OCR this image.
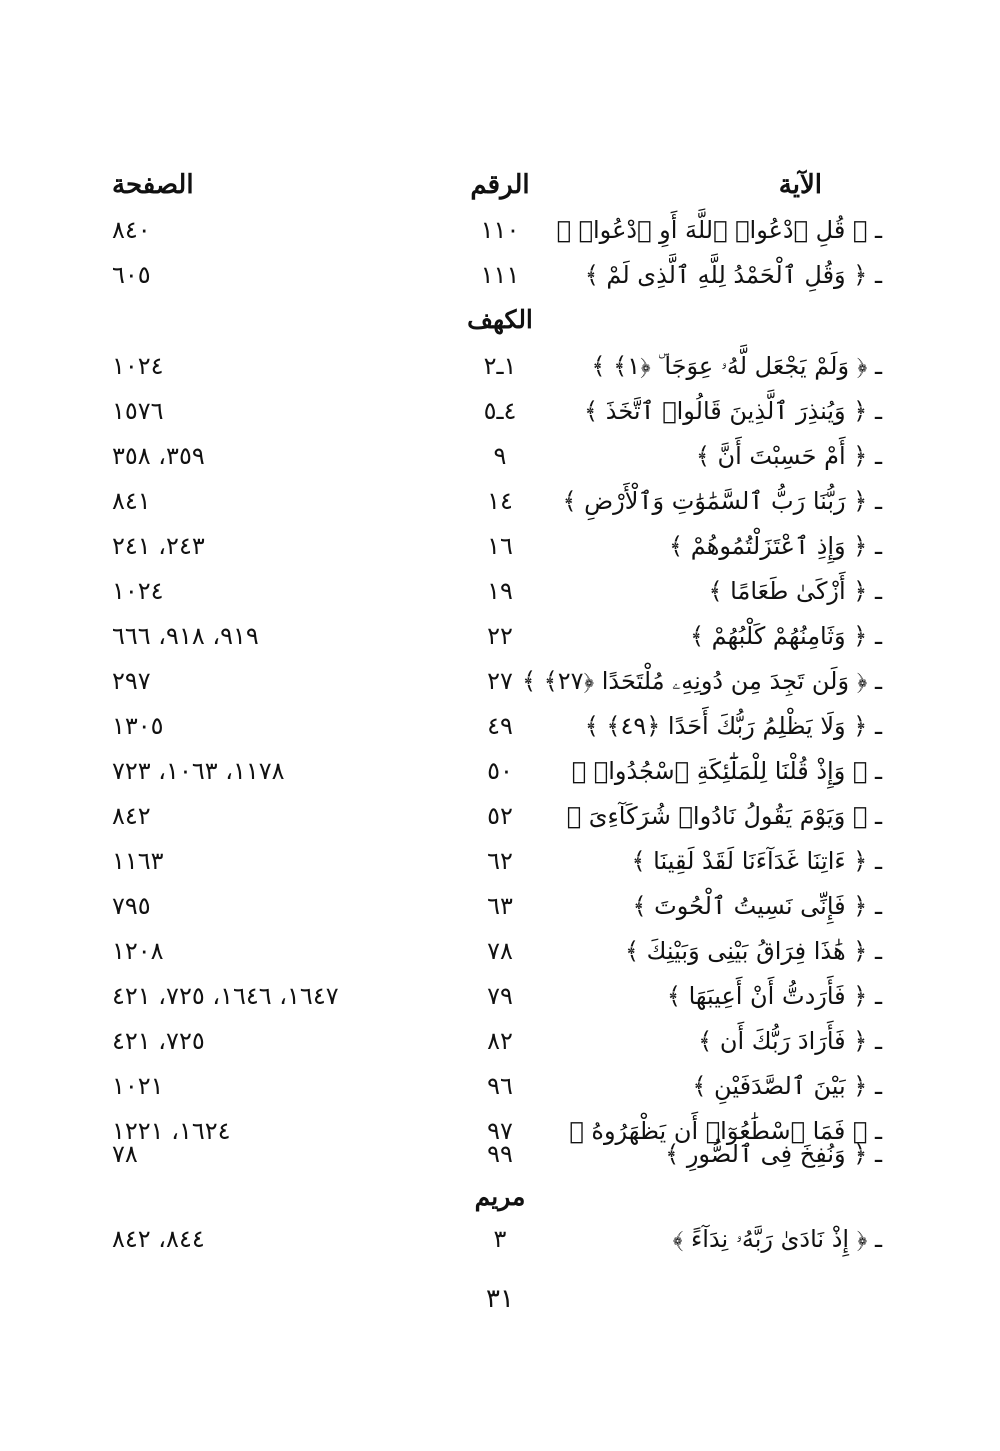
الآية
الرقم
الصفحة
ـ ﴿ قُلِ ٱدْعُوا۟ ٱللَّهَ أَوِ ٱدْعُوا۟ ﴾
١١٠
٨٤٠
ـ ﴿ وَقُلِ ٱلْحَمْدُ لِلَّهِ ٱلَّذِى لَمْ ﴾
١١١
٦٠٥
الكهف
ـ ﴿ وَلَمْ يَجْعَل لَّهُۥ عِوَجَا ۜ ﴿١﴾ ﴾
١ـ٢
١٠٢٤
ـ ﴿ وَيُنذِرَ ٱلَّذِينَ قَالُوا۟ ٱتَّخَذَ ﴾
٤ـ٥
١٥٧٦
ـ ﴿ أَمْ حَسِبْتَ أَنَّ ﴾
٩
٣٥٩، ٣٥٨
ـ ﴿ رَبُّنَا رَبُّ ٱلسَّمَٰوَٰتِ وَٱلْأَرْضِ ﴾
١٤
٨٤١
ـ ﴿ وَإِذِ ٱعْتَزَلْتُمُوهُمْ ﴾
١٦
٢٤٣، ٢٤١
ـ ﴿ أَزْكَىٰ طَعَامًا ﴾
١٩
١٠٢٤
ـ ﴿ وَثَامِنُهُمْ كَلْبُهُمْ ﴾
٢٢
٩١٩، ٩١٨، ٦٦٦
ـ ﴿ وَلَن تَجِدَ مِن دُونِهِۦ مُلْتَحَدًا ﴿٢٧﴾ ﴾
٢٧
٢٩٧
ـ ﴿ وَلَا يَظْلِمُ رَبُّكَ أَحَدًا ﴿٤٩﴾ ﴾
٤٩
١٣٠٥
ـ ﴿ وَإِذْ قُلْنَا لِلْمَلَٰٓئِكَةِ ٱسْجُدُوا۟ ﴾
٥٠
١١٧٨، ١٠٦٣، ٧٢٣
ـ ﴿ وَيَوْمَ يَقُولُ نَادُوا۟ شُرَكَآءِىَ ﴾
٥٢
٨٤٢
ـ ﴿ ءَاتِنَا غَدَآءَنَا لَقَدْ لَقِينَا ﴾
٦٢
١١٦٣
ـ ﴿ فَإِنِّى نَسِيتُ ٱلْحُوتَ ﴾
٦٣
٧٩٥
ـ ﴿ هَٰذَا فِرَاقُ بَيْنِى وَبَيْنِكَ ﴾
٧٨
١٢٠٨
ـ ﴿ فَأَرَدتُّ أَنْ أَعِيبَهَا ﴾
٧٩
١٦٤٧، ١٦٤٦، ٧٢٥، ٤٢١
ـ ﴿ فَأَرَادَ رَبُّكَ أَن ﴾
٨٢
٧٢٥، ٤٢١
ـ ﴿ بَيْنَ ٱلصَّدَفَيْنِ ﴾
٩٦
١٠٢١
ـ ﴿ فَمَا ٱسْطَٰعُوٓا۟ أَن يَظْهَرُوهُ ﴾
٩٧
١٦٢٤، ١٢٢١
ـ ﴿ وَنُفِخَ فِى ٱلصُّورِ ﴾
٩٩
٧٨
مريم
ـ ﴿ إِذْ نَادَىٰ رَبَّهُۥ نِدَآءً ﴾
٣
٨٤٤، ٨٤٢
٣١
